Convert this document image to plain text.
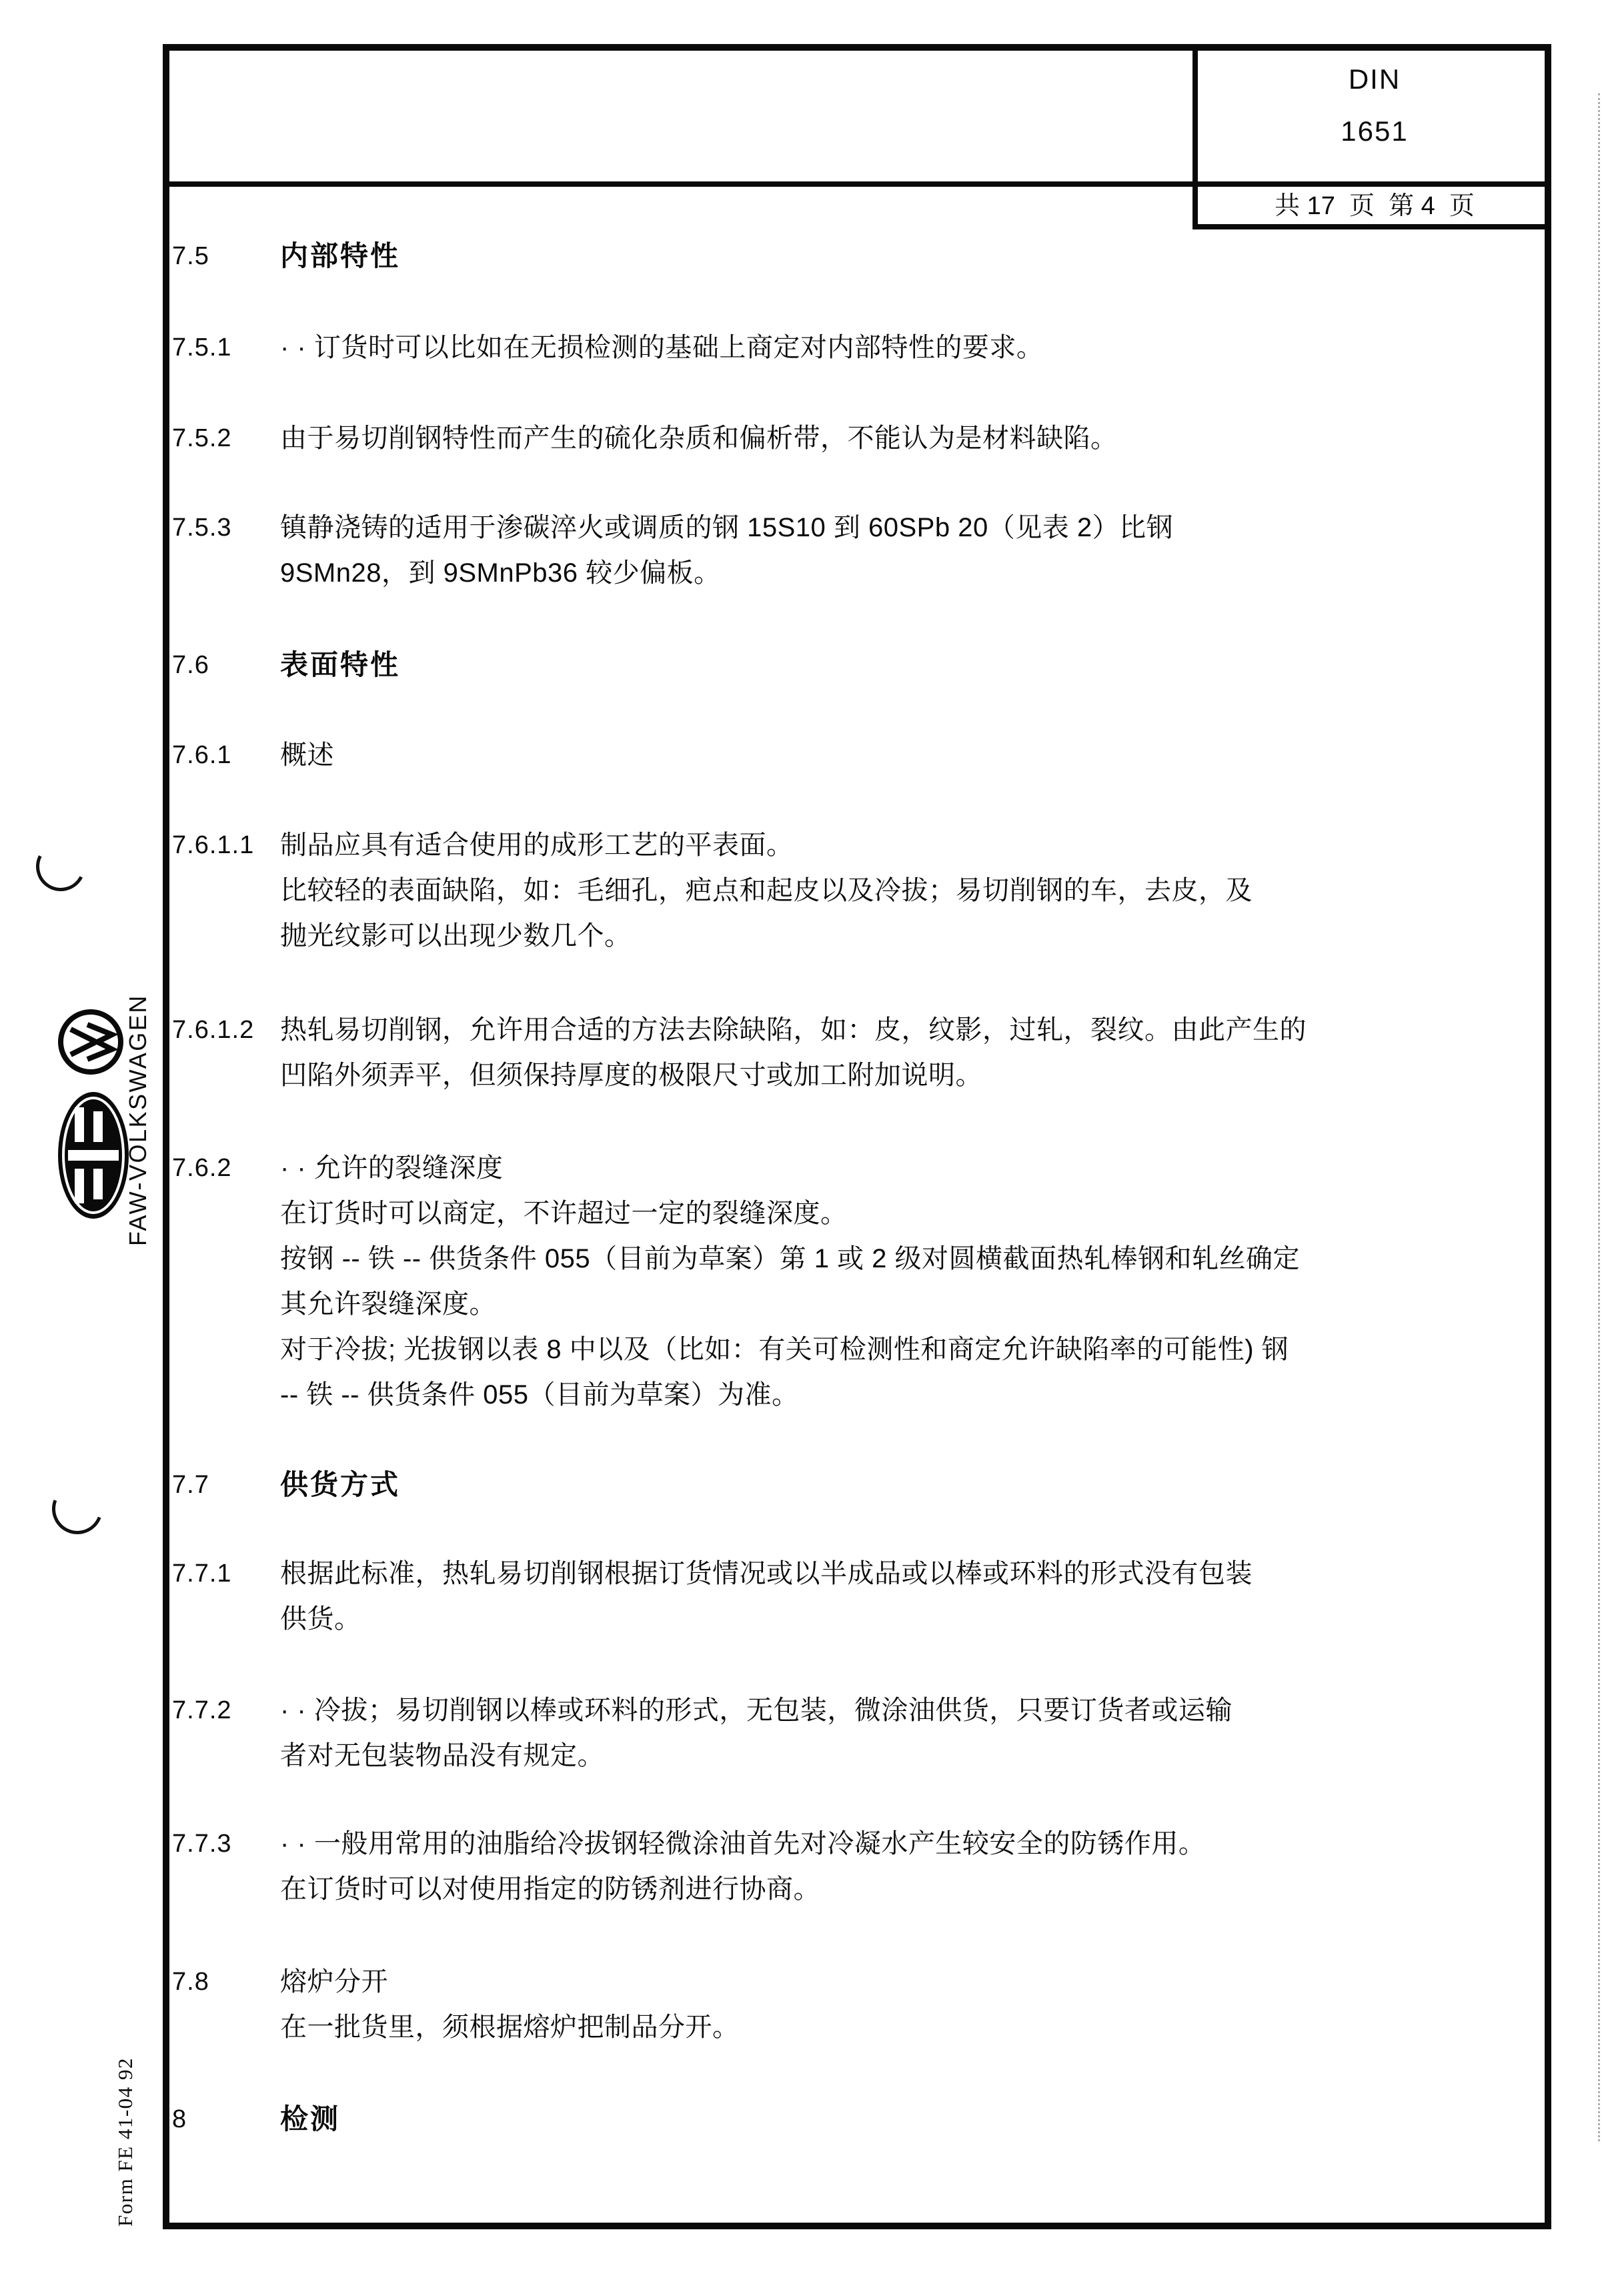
DIN
1651
共 17  页  第 4  页
FAW-VOLKSWAGEN
Form FE 41-04 92
7.5	内部特性
7.5.1	· · 订货时可以比如在无损检测的基础上商定对内部特性的要求。
7.5.2	由于易切削钢特性而产生的硫化杂质和偏析带，不能认为是材料缺陷。
7.5.3	镇静浇铸的适用于渗碳淬火或调质的钢 15S10 到 60SPb 20（见表 2）比钢
9SMn28，到 9SMnPb36 较少偏板。
7.6	表面特性
7.6.1	概述
7.6.1.1 制品应具有适合使用的成形工艺的平表面。
比较轻的表面缺陷，如：毛细孔，疤点和起皮以及冷拔；易切削钢的车，去皮，及
抛光纹影可以出现少数几个。
7.6.1.2 热轧易切削钢，允许用合适的方法去除缺陷，如：皮，纹影，过轧，裂纹。由此产生的
凹陷外须弄平，但须保持厚度的极限尺寸或加工附加说明。
7.6.2	· · 允许的裂缝深度
在订货时可以商定，不许超过一定的裂缝深度。
按钢 -- 铁 -- 供货条件 055（目前为草案）第 1 或 2 级对圆横截面热轧棒钢和轧丝确定
其允许裂缝深度。
对于冷拔; 光拔钢以表 8 中以及（比如：有关可检测性和商定允许缺陷率的可能性) 钢
-- 铁 -- 供货条件 055（目前为草案）为准。
7.7	供货方式
7.7.1	根据此标准，热轧易切削钢根据订货情况或以半成品或以棒或环料的形式没有包装
供货。
7.7.2	· · 冷拔；易切削钢以棒或环料的形式，无包装，微涂油供货，只要订货者或运输
者对无包装物品没有规定。
7.7.3	· · 一般用常用的油脂给冷拔钢轻微涂油首先对冷凝水产生较安全的防锈作用。
在订货时可以对使用指定的防锈剂进行协商。
7.8	熔炉分开
在一批货里，须根据熔炉把制品分开。
8	检测
